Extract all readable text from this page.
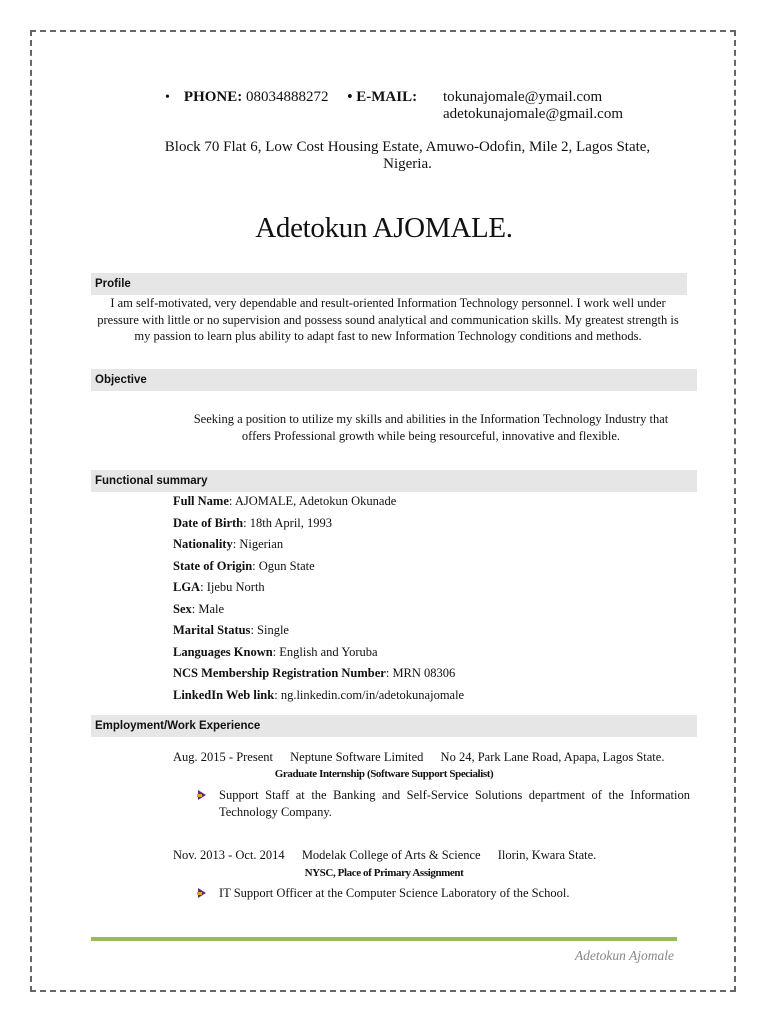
• PHONE: 08034888272 • E-MAIL: tokunajomale@ymail.com
adetokunajomale@gmail.com
Block 70 Flat 6, Low Cost Housing Estate, Amuwo-Odofin, Mile 2, Lagos State, Nigeria.
Adetokun AJOMALE.
Profile
I am self-motivated, very dependable and result-oriented Information Technology personnel. I work well under pressure with little or no supervision and possess sound analytical and communication skills. My greatest strength is my passion to learn plus ability to adapt fast to new Information Technology conditions and methods.
Objective
Seeking a position to utilize my skills and abilities in the Information Technology Industry that offers Professional growth while being resourceful, innovative and flexible.
Functional summary
Full Name: AJOMALE, Adetokun Okunade
Date of Birth: 18th April, 1993
Nationality: Nigerian
State of Origin: Ogun State
LGA: Ijebu North
Sex: Male
Marital Status: Single
Languages Known: English and Yoruba
NCS Membership Registration Number: MRN 08306
LinkedIn Web link: ng.linkedin.com/in/adetokunajomale
Employment/Work Experience
Aug. 2015 - Present Neptune Software Limited No 24, Park Lane Road, Apapa, Lagos State.
Graduate Internship (Software Support Specialist)
Support Staff at the Banking and Self-Service Solutions department of the Information Technology Company.
Nov. 2013 - Oct. 2014 Modelak College of Arts & Science Ilorin, Kwara State.
NYSC, Place of Primary Assignment
IT Support Officer at the Computer Science Laboratory of the School.
Adetokun Ajomale
